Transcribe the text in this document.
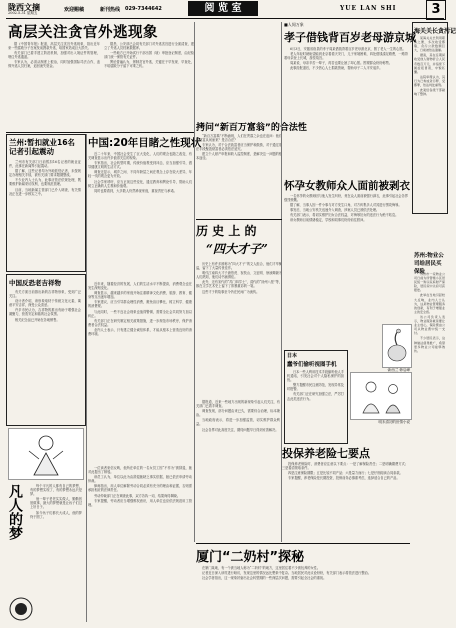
陇西文摘
2002.5.31 星期五	欢迎赐稿	新刊热线 029-7344642	阅 览 室	YUE LAN SHI	3
高层关注贪官外逃现象

据《中国青年报》报道，高层关注贪官外逃现象，指出近年来一些腐败分子在案发前携款外逃，给国家造成巨大损失。

有关部门已着手建立防范机制，加强对出入境证件的管理，堵住外逃通道。

专家认为，必须从制度上根治，同时加强国际司法合作，追缉外逃人员归案，追回流失资金。

据悉，公安部已会同有关部门对外逃贪官进行全面清查，建立了外逃人员档案数据库。

一些地方已开始试行干部出国（境）审批登记制度，由纪检部门统一保管有关证件。

舆论普遍认为，遏制贪官外逃，关键在于早发现、早查处，不给腐败分子留下可乘之机。

■人间万象
孝子借钱背百岁老母游京城

6月3日，安徽省宿县的孝子周某借钱背着百岁老母游北京，圆了老人一生的心愿。

老人年轻时就盼望能到北京看看天安门，儿子家境困难，四处借钱凑足路费，一路背着母亲登上长城，游览故宫。

周某说，母亲辛苦一辈子，再苦也要让她了却心愿。围观群众纷纷称赞。

此事经报道后，不少热心人士捐款资助，帮助母子二人平安返乡。

海关关长贪污记

某海关关长利用职务之便，多次收受贿赂，贪污公款数额巨大，日前被依法逮捕。

据查，其在任期间收受他人财物折合人民币数百万元，并指使下属虚报冒领，中饱私囊。

法院审理认为，其行为已构成贪污罪、受贿罪，依法判处重刑。

此案给各级干部敲响了警钟。

苏州:物业公司给居民买保险

苏州市一家物业公司日前为所管辖小区居民统一购买家庭财产保险，居民家中失窃可获赔偿。

此举在当地引起较大反响，业内人士认为，这是物业管理服务的创新，有利于增强业主的安全感。

该公司负责人表示，物业服务就是要让业主放心，保险费由公司从物业费中统一支付。

不少居民表示，这种做法值得推广，希望更多物业公司能够效仿。

兰州:暂扣就业16名记者引起震动

兰州市有关部门日前暂扣16名记者的就业证件，此事在新闻界引起震动。

据了解，这些记者均为外地派驻记者，未按规定办理相关手续，被有关部门要求限期整改。

不少业内人士认为，此事应依法依规处理，既要维护新闻采访权利，也要规范管理。

目前，当地新闻主管部门已介入调查，有关情况正在进一步核实之中。

中国:20年目睹之性现状

近二十年来，中国社会发生了巨大变化，人们的观念也随之改变，有关调查显示出许多值得关注的现象。

专家指出，社会转型时期，传统价值观受到冲击，应当加强引导，倡导健康文明的生活方式。

调查还显示，城乡之间、不同年龄层之间在观念上存在较大差异，年轻一代的观念更为开放。

社会学家呼吁，应当正视这些变化，通过教育和舆论引导，帮助人们树立正确的人生观和价值观。

同时也要看到，大多数人仍然珍视家庭，重视责任与承诺。

拷问“新百万富翁”的合法性

“新百万富翁”不断涌现，人们在羡慕之余也在追问：他们的财富从何而来？是否合法？

专家认为，对于合法致富者应当保护和鼓励，对于通过非法手段聚敛财富者必须依法追究。

建立个人财产申报和收入监控制度，是解决这一问题的根本途径。

历 史 上 的
“四大才子”

历史上有许多被称为“四大才子”的文人组合，他们才华横溢，留下了大量传世佳作。

明代江南四大才子唐伯虎、祝枝山、文征明、徐祯卿最为人们熟知，他们诗书画俱佳。

此外，还有宋代的“苏门四学士”，清代的“扬州八怪”等，都在文学艺术史上留下了浓墨重彩的一笔。

这些才子的故事至今仍在民间广为流传。

怀孕女教师众人面前被剥衣

一名怀孕的女教师因与他人发生纠纷，竟在众人面前被强行剥衣，此事引起社会各界强烈愤慨。

据了解，当事人因一件小事与对方发生口角，对方纠集多人对其进行围攻侮辱。

事发后，当地公安机关迅速介入调查，涉案人员已被依法处理。

有关部门表示，将切实维护妇女合法权益，对侮辱妇女的违法行为绝不姑息。

该女教师目前情绪稳定，学校和同事们纷纷前往慰问。

中国反恐老吉祥物

有关方面日前推出新的吉祥物形象，受到广泛关注。

设计者介绍，该形象取材于传统文化元素，寓意平安吉祥，深受公众喜爱。

许多市民认为，吉祥物的推出有助于增强社会凝聚力，营造安定和谐的社会氛围。

相关纪念品已开始在各地销售。

近年来，随着经济的发展，人们的生活水平不断提高，消费观念也在发生深刻变化。

调查显示，越来越多的家庭开始注重精神文化消费，旅游、教育、健身等支出逐年增加。

专家建议，应当引导群众理性消费，避免盲目攀比，树立科学、健康的消费观。

与此同时，一些不良社会现象也值得警惕，需要全社会共同努力加以纠正。

有关部门正在研究制定相关政策措施，进一步规范市场秩序，保护消费者合法权益。

业内人士表示，只有建立健全诚信体系，才能从根本上营造良好的消费环境。

·新西兰 韩启峰
日本
蠢爷们偷听视图手机

日本一些人利用技术手段偷听他人手机通话，引发社会对个人隐私保护的担忧。

警方提醒市民注意防范，发现异常及时报警。

有关部门正在研究加强立法，严厉打击此类违法行为。

明末清初的世情小说
投保养老险七要点

投保养老保险时，消费者应注意以下要点：一是了解保险责任；二是明确缴费方式；三是看清领取条件。

四是注意保险期限；五是比较不同产品；六是量力而行；七是仔细阅读合同条款。

专家提醒，养老保险是长期投资，投保前务必慎重考虑，选择适合自己的产品。

凡人的梦	每个平凡的人都有自己的梦想，有的梦想实现了，有的梦想永远只是梦。

他一辈子老老实实做人，勤勤恳恳做事，最大的梦想就是让孩子们过上好日子。

如今孩子们都长大成人，他的梦终于圆了。

一位读者来信反映，他所在单位的一名女员工因“不作为”被辞退，她对此提出了辩驳。

该员工认为，单位以此为由辞退她缺乏事实依据，她已依法申请劳动仲裁。

律师指出，用人单位解除劳动合同必须有充分的理由和证据，否则需承担相应的法律责任。

劳动仲裁部门正在调查此事，双方各执一词，结果尚待揭晓。

专家提醒，劳动者应当增强维权意识，用人单位也应依法规范用工管理。

据报道，近来一些地方出现的新现象引起人们关注，有关部门已着手调查。

调查发现，部分问题由来已久，需要综合治理，标本兼治。

当地政府表示，将进一步加强监管，切实维护群众利益。

社会各界对此高度关注，期待问题早日得到妥善解决。

厦门“二奶村”探秘

在厦门某地，有一个被当地人称为“二奶村”的地方，这里居住着不少被包养的女性。

记者近日深入该村进行暗访，发现这里的情况远比想象中复杂。当地居民对此议论纷纷，有关部门表示将依法进行整治。

社会学者指出，这一现象折射出社会转型期的一些深层次问题，需要引起全社会的重视。
